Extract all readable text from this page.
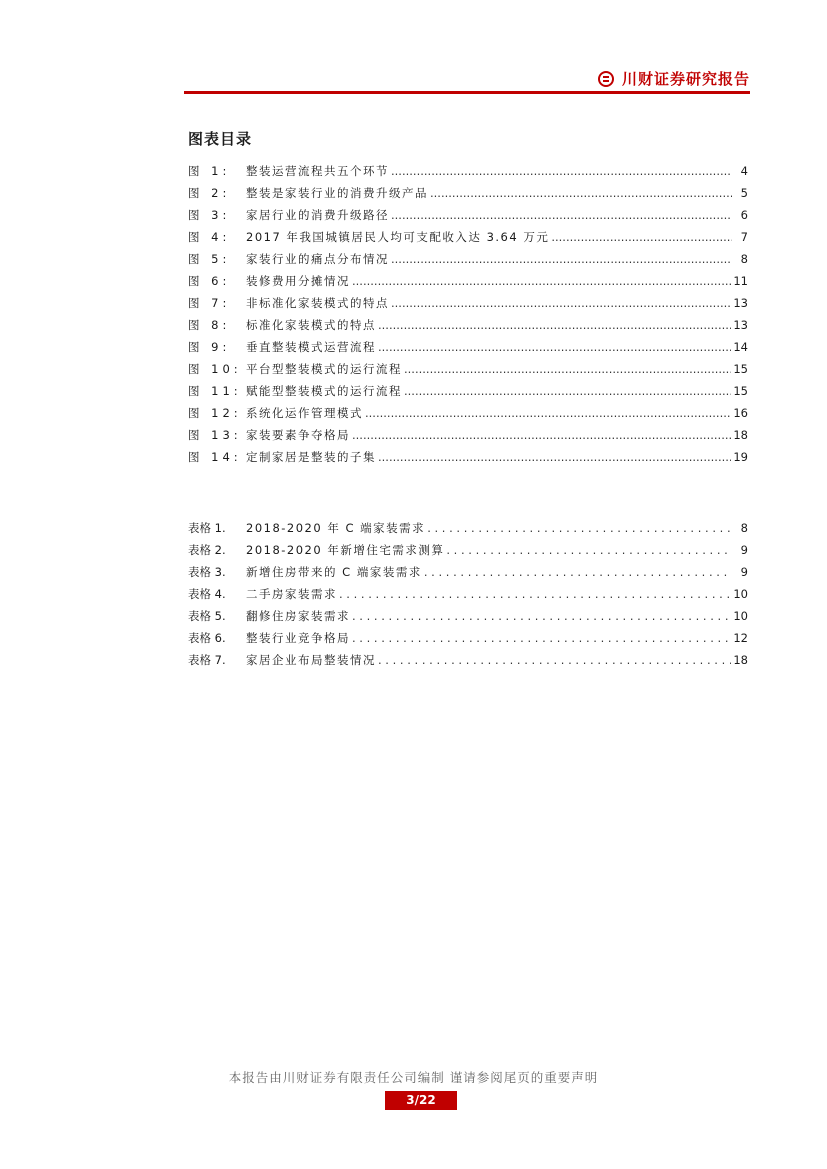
川财证券研究报告
图表目录
图 1:	整装运营流程共五个环节 .....	4
图 2:	整装是家装行业的消费升级产品 .....	5
图 3:	家居行业的消费升级路径 .....	6
图 4:	2017 年我国城镇居民人均可支配收入达 3.64 万元 .....	7
图 5:	家装行业的痛点分布情况 .....	8
图 6:	装修费用分摊情况 .....	11
图 7:	非标准化家装模式的特点 .....	13
图 8:	标准化家装模式的特点 .....	13
图 9:	垂直整装模式运营流程 .....	14
图 10: 平台型整装模式的运行流程 .....	15
图 11: 赋能型整装模式的运行流程 .....	15
图 12: 系统化运作管理模式 .....	16
图 13: 家装要素争夺格局 .....	18
图 14: 定制家居是整装的子集 .....	19
表格 1.	2018-2020 年 C 端家装需求 . . .	8
表格 2.	2018-2020 年新增住宅需求测算 . . .	9
表格 3.	新增住房带来的 C 端家装需求 . . .	9
表格 4.	二手房家装需求 . . .	10
表格 5.	翻修住房家装需求 . . .	10
表格 6.	整装行业竞争格局 . . .	12
表格 7.	家居企业布局整装情况 . . .	18
本报告由川财证券有限责任公司编制 谨请参阅尾页的重要声明
3/22
